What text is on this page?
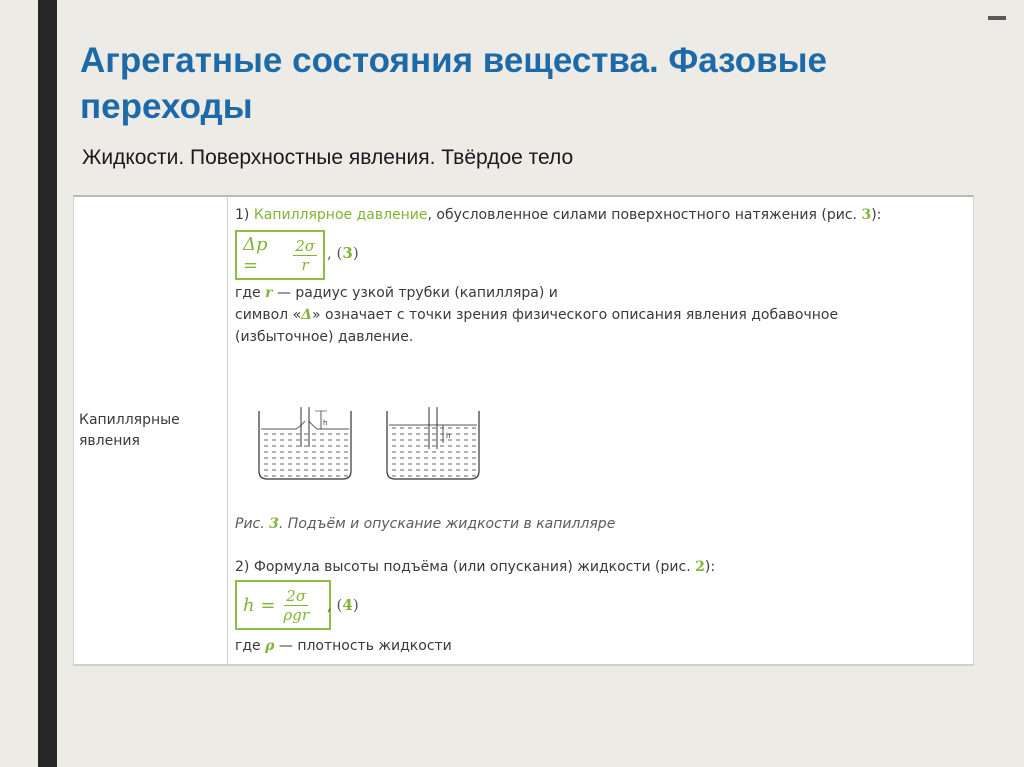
Агрегатные состояния вещества. Фазовые переходы
Жидкости. Поверхностные явления. Твёрдое тело
Капиллярные явления
1) Капиллярное давление, обусловленное силами поверхностного натяжения (рис. 3):
Δp =	$\frac{2\sigma}{r}$ , (3)
где r — радиус узкой трубки (капилляра) и
символ «Δ» означает с точки зрения физического описания явления добавочное
(избыточное) давление.
h
h
Рис. 3. Подъём и опускание жидкости в капилляре
2) Формула высоты подъёма (или опускания) жидкости (рис. 2):
$h = \frac{2\sigma}{\text{ρgr}}$ , (4)
где ρ — плотность жидкости
